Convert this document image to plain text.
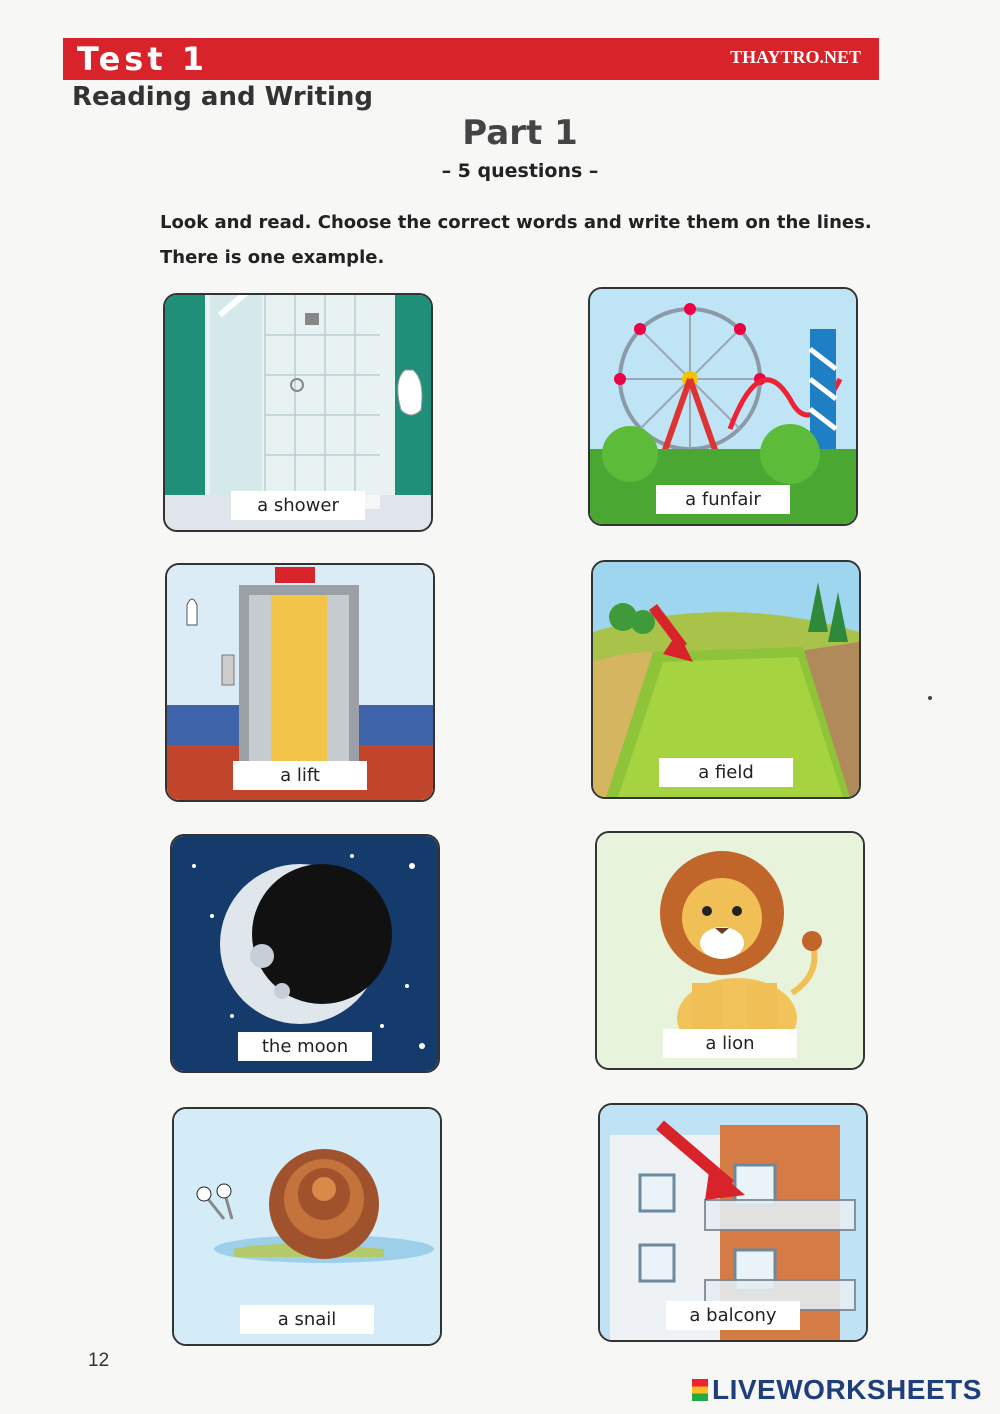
Test 1	THAYTRO.NET
Reading and Writing
Part 1
– 5 questions –
Look and read. Choose the correct words and write them on the lines. There is one example.
a shower	a funfair
a lift	a field
the moon	a lion
a snail	a balcony
12
LIVEWORKSHEETS
